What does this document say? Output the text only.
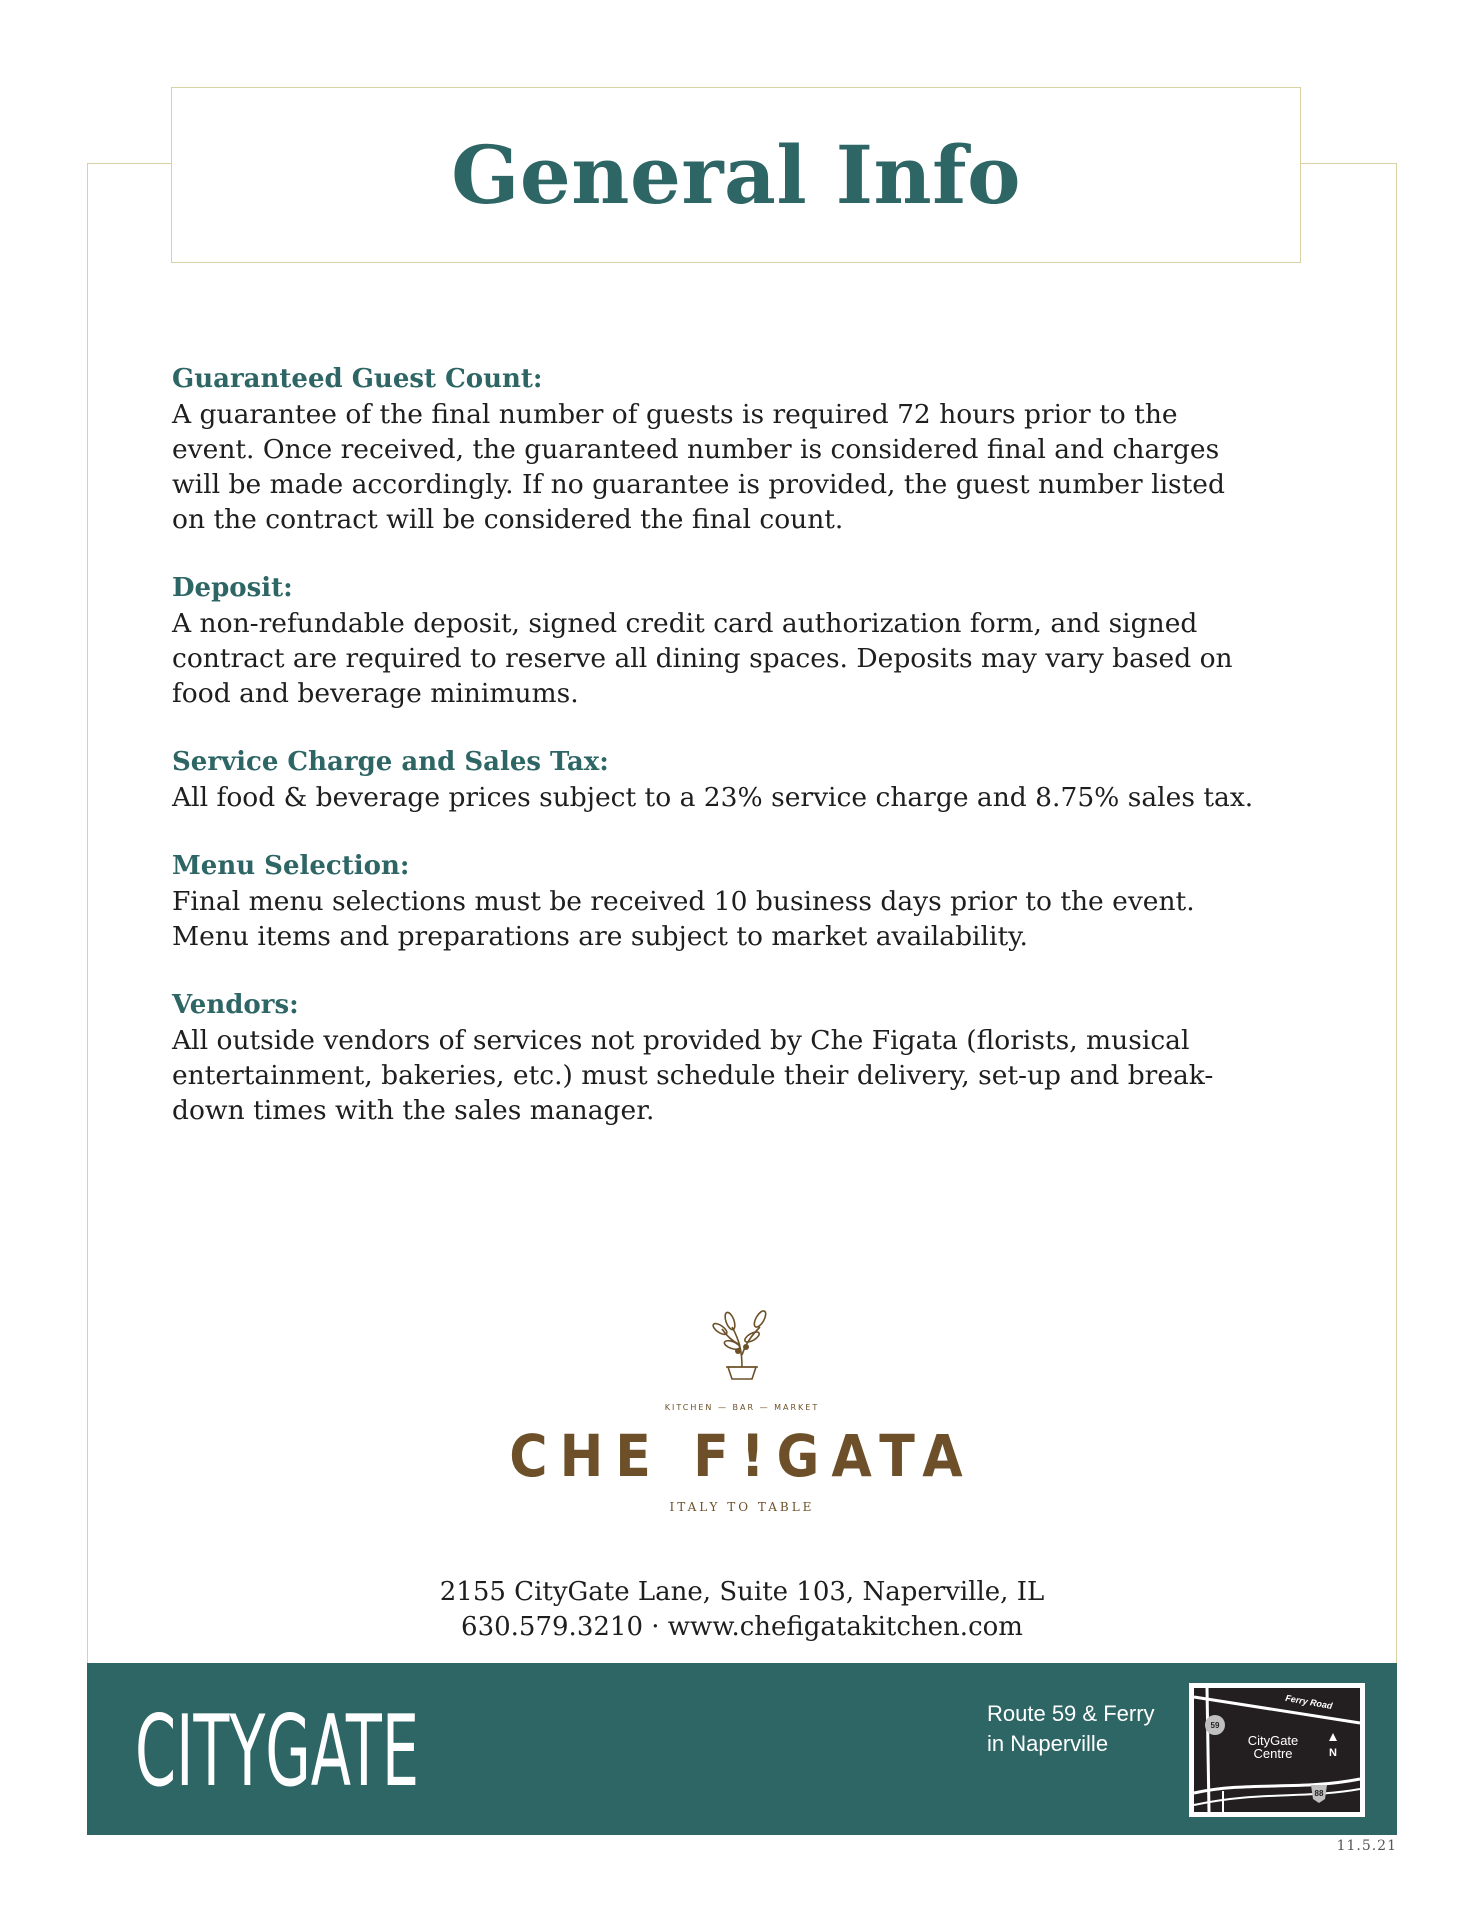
General Info
Guaranteed Guest Count:

A guarantee of the final number of guests is required 72 hours prior to the
event. Once received, the guaranteed number is considered final and charges
will be made accordingly. If no guarantee is provided, the guest number listed
on the contract will be considered the final count.

Deposit:

A non-refundable deposit, signed credit card authorization form, and signed
contract are required to reserve all dining spaces. Deposits may vary based on
food and beverage minimums.

Service Charge and Sales Tax:

All food & beverage prices subject to a 23% service charge and 8.75% sales tax.

Menu Selection:

Final menu selections must be received 10 business days prior to the event.
Menu items and preparations are subject to market availability.

Vendors:

All outside vendors of services not provided by Che Figata (florists, musical
entertainment, bakeries, etc.) must schedule their delivery, set-up and break-
down times with the sales manager.

KITCHEN — BAR — MARKET
CHE F!GATA
ITALY TO TABLE
2155 CityGate Lane, Suite 103, Naperville, IL
630.579.3210 · www.chefigatakitchen.com
CITYGATE	Route 59 & Ferry
in Naperville
Ferry Road
59
88
CityGate
Centre	N
11.5.21
